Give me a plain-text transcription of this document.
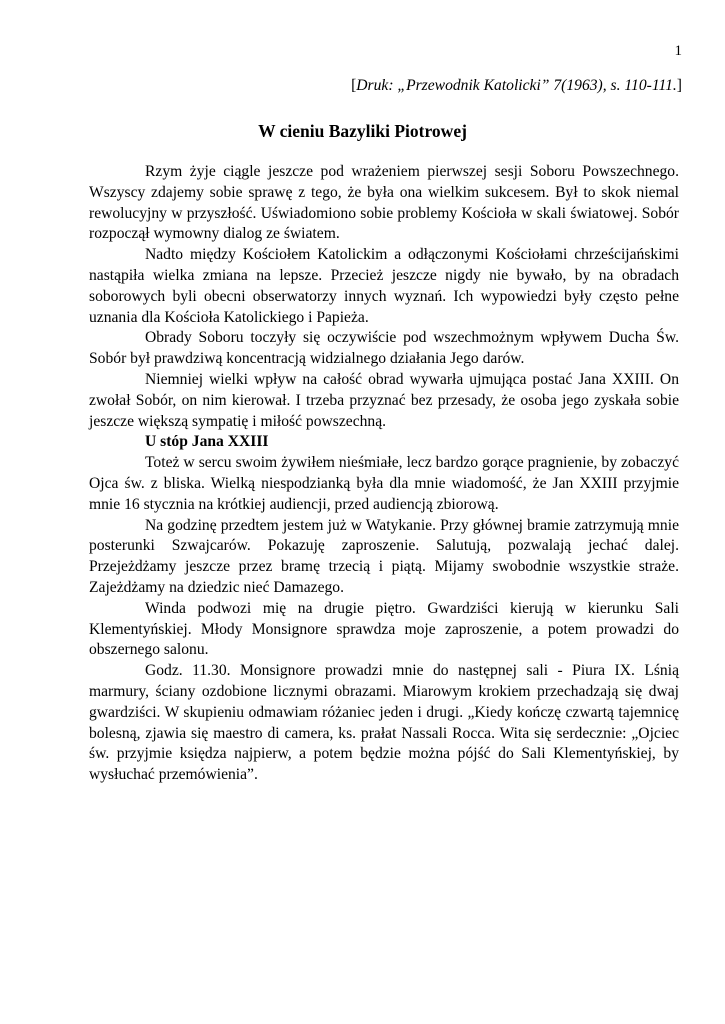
1
[Druk: „Przewodnik Katolicki” 7(1963), s. 110-111.]
W cieniu Bazyliki Piotrowej

Rzym żyje ciągle jeszcze pod wrażeniem pierwszej sesji Soboru Powszechnego. Wszyscy zdajemy sobie sprawę z tego, że była ona wielkim sukcesem. Był to skok niemal rewolucyjny w przyszłość. Uświadomiono sobie problemy Kościoła w skali światowej. Sobór rozpoczął wymowny dialog ze światem.

Nadto między Kościołem Katolickim a odłączonymi Kościołami chrześcijańskimi nastąpiła wielka zmiana na lepsze. Przecież jeszcze nigdy nie bywało, by na obradach soborowych byli obecni obserwatorzy innych wyznań. Ich wypowiedzi były często pełne uznania dla Kościoła Katolickiego i Papieża.

Obrady Soboru toczyły się oczywiście pod wszechmożnym wpływem Ducha Św. Sobór był prawdziwą koncentracją widzialnego działania Jego darów.

Niemniej wielki wpływ na całość obrad wywarła ujmująca postać Jana XXIII. On zwołał Sobór, on nim kierował. I trzeba przyznać bez przesady, że osoba jego zyskała sobie jeszcze większą sympatię i miłość powszechną.

U stóp Jana XXIII

Toteż w sercu swoim żywiłem nieśmiałe, lecz bardzo gorące pragnienie, by zobaczyć Ojca św. z bliska. Wielką niespodzianką była dla mnie wiadomość, że Jan XXIII przyjmie mnie 16 stycznia na krótkiej audiencji, przed audiencją zbiorową.

Na godzinę przedtem jestem już w Watykanie. Przy głównej bramie zatrzymują mnie posterunki Szwajcarów. Pokazuję zaproszenie. Salutują, pozwalają jechać dalej. Przejeżdżamy jeszcze przez bramę trzecią i piątą. Mijamy swobodnie wszystkie straże. Zajeżdżamy na dziedzic nieć Damazego.

Winda podwozi mię na drugie piętro. Gwardziści kierują w kierunku Sali Klementyńskiej. Młody Monsignore sprawdza moje zaproszenie, a potem prowadzi do obszernego salonu.

Godz. 11.30. Monsignore prowadzi mnie do następnej sali - Piura IX. Lśnią marmury, ściany ozdobione licznymi obrazami. Miarowym krokiem przechadzają się dwaj gwardziści. W skupieniu odmawiam różaniec jeden i drugi. „Kiedy kończę czwartą tajemnicę bolesną, zjawia się maestro di camera, ks. prałat Nassali Rocca. Wita się serdecznie: „Ojciec św. przyjmie księdza najpierw, a potem będzie można pójść do Sali Klementyńskiej, by wysłuchać przemówienia”.
